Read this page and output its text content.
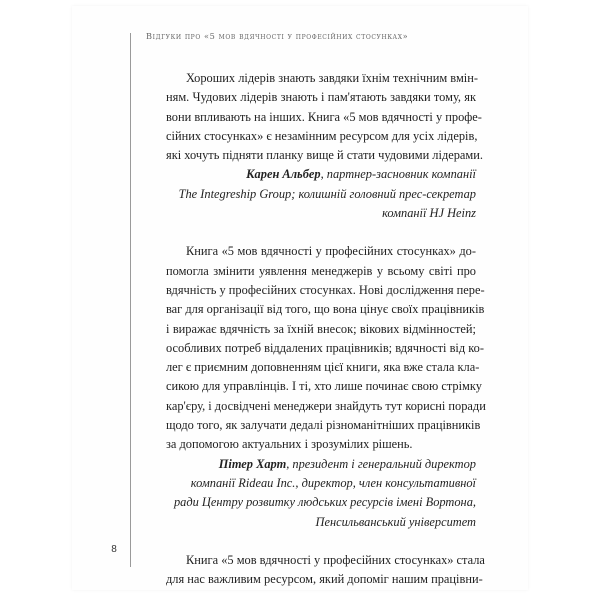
8
Відгуки про «5 мов вдячності у професійних стосунках»
Хороших лідерів знають завдяки їхнім технічним вмін-
ням. Чудових лідерів знають і пам'ятають завдяки тому, як
вони впливають на інших. Книга «5 мов вдячності у профе-
сійних стосунках» є незамінним ресурсом для усіх лідерів,
які хочуть підняти планку вище й стати чудовими лідерами.
Карен Альбер, партнер-засновник компанії
The Integreship Group; колишній головний прес-секретар
компанії HJ Heinz
Книга «5 мов вдячності у професійних стосунках» до-
помогла змінити уявлення менеджерів у всьому світі про
вдячність у професійних стосунках. Нові дослідження пере-
ваг для організації від того, що вона цінує своїх працівників
і виражає вдячність за їхній внесок; вікових відмінностей;
особливих потреб віддалених працівників; вдячності від ко-
лег є приємним доповненням цієї книги, яка вже стала кла-
сикою для управлінців. І ті, хто лише починає свою стрімку
кар'єру, і досвідчені менеджери знайдуть тут корисні поради
щодо того, як залучати дедалі різноманітніших працівників
за допомогою актуальних і зрозумілих рішень.
Пітер Харт, президент і генеральний директор
компанії Rideau Inc., директор, член консультативної
ради Центру розвитку людських ресурсів імені Вортона,
Пенсильванський університет
Книга «5 мов вдячності у професійних стосунках» стала
для нас важливим ресурсом, який допоміг нашим працівни-
